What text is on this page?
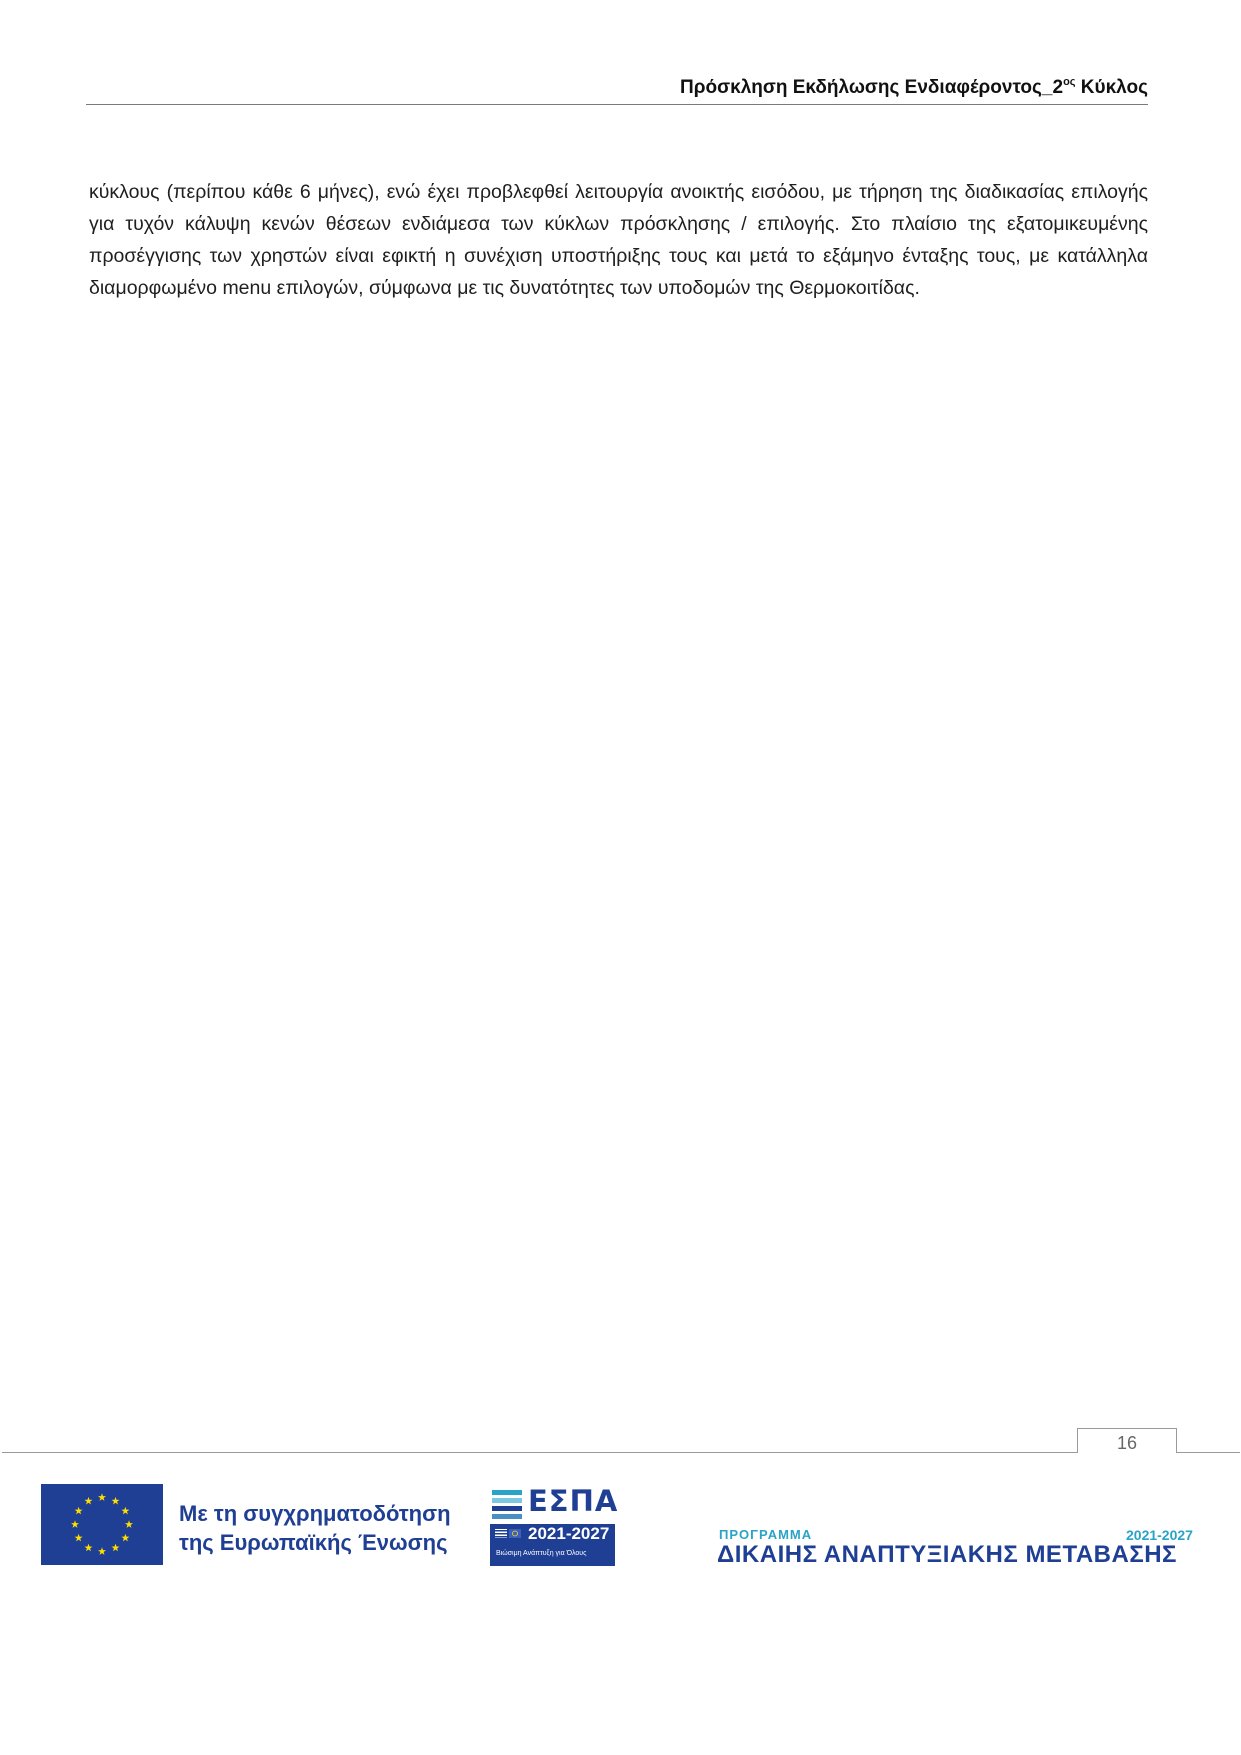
Πρόσκληση Εκδήλωσης $E\nu\delta\iota\alpha\varphi έ\rho o\nu\tau o\varsigma\_2^{o\varsigma}$ Κύκλος
κύκλους (περίπου κάθε 6 μήνες), ενώ έχει προβλεφθεί λειτουργία ανοικτής εισόδου, με τήρηση της διαδικασίας επιλογής για τυχόν κάλυψη κενών θέσεων ενδιάμεσα των κύκλων πρόσκλησης / επιλογής. Στο πλαίσιο της εξατομικευμένης προσέγγισης των χρηστών είναι εφικτή η συνέχιση υποστήριξης τους και μετά το εξάμηνο ένταξης τους, με κατάλληλα διαμορφωμένο menu επιλογών, σύμφωνα με τις δυνατότητες των υποδομών της Θερμοκοιτίδας.
16
Με τη συγχρηματοδότηση
της Ευρωπαϊκής Ένωσης
ΕΣΠΑ
2021-2027
Βιώσιμη Ανάπτυξη για Όλους
ΠΡΟΓΡΑΜΜΑ	2021-2027
ΔΙΚΑΙΗΣ ΑΝΑΠΤΥΞΙΑΚΗΣ ΜΕΤΑΒΑΣΗΣ
